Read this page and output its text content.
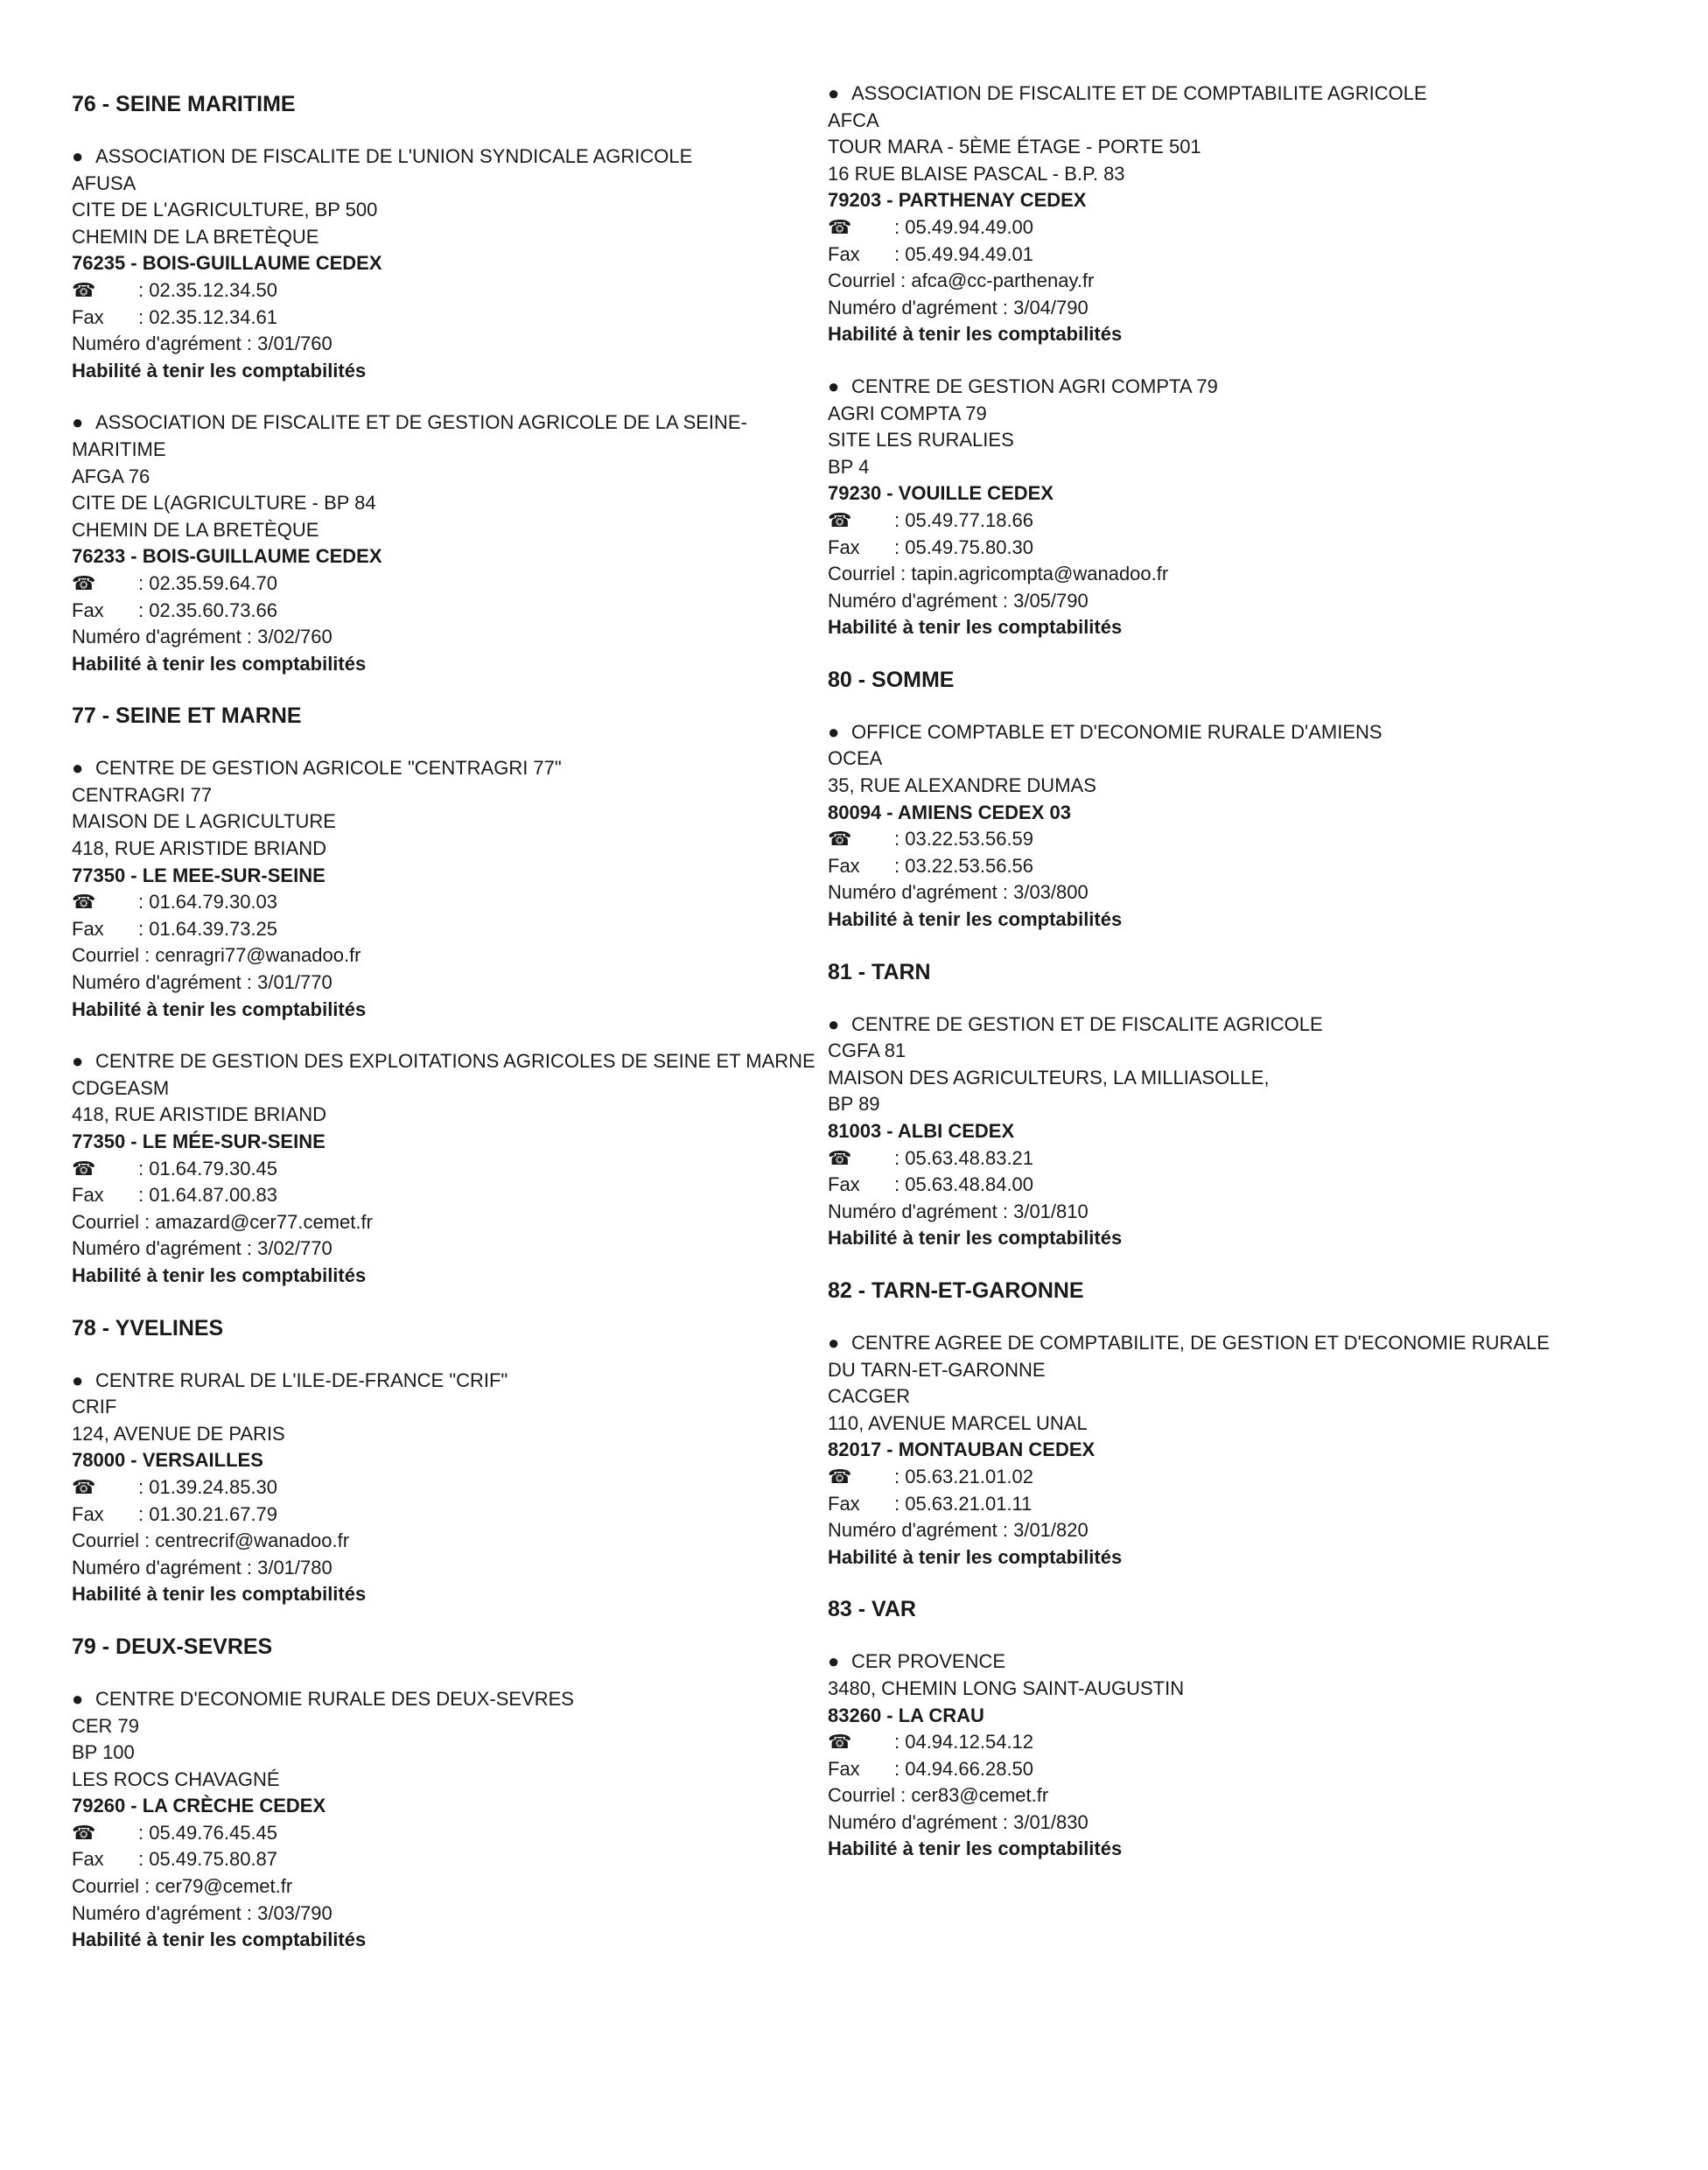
76 - SEINE MARITIME
● ASSOCIATION DE FISCALITE DE L'UNION SYNDICALE AGRICOLE
AFUSA
CITE DE L'AGRICULTURE, BP 500
CHEMIN DE LA BRETÈQUE
76235 - BOIS-GUILLAUME CEDEX
☎ : 02.35.12.34.50
Fax : 02.35.12.34.61
Numéro d'agrément : 3/01/760
Habilité à tenir les comptabilités
● ASSOCIATION DE FISCALITE ET DE GESTION AGRICOLE DE LA SEINE-MARITIME
AFGA 76
CITE DE L(AGRICULTURE - BP 84
CHEMIN DE LA BRETÈQUE
76233 - BOIS-GUILLAUME CEDEX
☎ : 02.35.59.64.70
Fax : 02.35.60.73.66
Numéro d'agrément : 3/02/760
Habilité à tenir les comptabilités
77 - SEINE ET MARNE
● CENTRE DE GESTION AGRICOLE "CENTRAGRI 77"
CENTRAGRI 77
MAISON DE L AGRICULTURE
418, RUE ARISTIDE BRIAND
77350 - LE MEE-SUR-SEINE
☎ : 01.64.79.30.03
Fax : 01.64.39.73.25
Courriel : cenragri77@wanadoo.fr
Numéro d'agrément : 3/01/770
Habilité à tenir les comptabilités
● CENTRE DE GESTION DES EXPLOITATIONS AGRICOLES DE SEINE ET MARNE
CDGEASM
418, RUE ARISTIDE BRIAND
77350 - LE MÉE-SUR-SEINE
☎ : 01.64.79.30.45
Fax : 01.64.87.00.83
Courriel : amazard@cer77.cemet.fr
Numéro d'agrément : 3/02/770
Habilité à tenir les comptabilités
78 - YVELINES
● CENTRE RURAL DE L'ILE-DE-FRANCE "CRIF"
CRIF
124, AVENUE DE PARIS
78000 - VERSAILLES
☎ : 01.39.24.85.30
Fax : 01.30.21.67.79
Courriel : centrecrif@wanadoo.fr
Numéro d'agrément : 3/01/780
Habilité à tenir les comptabilités
79 - DEUX-SEVRES
● CENTRE D'ECONOMIE RURALE DES DEUX-SEVRES
CER 79
BP 100
LES ROCS CHAVAGNÉ
79260 - LA CRÈCHE CEDEX
☎ : 05.49.76.45.45
Fax : 05.49.75.80.87
Courriel : cer79@cemet.fr
Numéro d'agrément : 3/03/790
Habilité à tenir les comptabilités
● ASSOCIATION DE FISCALITE ET DE COMPTABILITE AGRICOLE
AFCA
TOUR MARA - 5ÈME ÉTAGE - PORTE 501
16 RUE BLAISE PASCAL - B.P. 83
79203 - PARTHENAY CEDEX
☎ : 05.49.94.49.00
Fax : 05.49.94.49.01
Courriel : afca@cc-parthenay.fr
Numéro d'agrément : 3/04/790
Habilité à tenir les comptabilités
● CENTRE DE GESTION AGRI COMPTA 79
AGRI COMPTA 79
SITE LES RURALIES
BP 4
79230 - VOUILLE CEDEX
☎ : 05.49.77.18.66
Fax : 05.49.75.80.30
Courriel : tapin.agricompta@wanadoo.fr
Numéro d'agrément : 3/05/790
Habilité à tenir les comptabilités
80 - SOMME
● OFFICE COMPTABLE ET D'ECONOMIE RURALE D'AMIENS
OCEA
35, RUE ALEXANDRE DUMAS
80094 - AMIENS CEDEX 03
☎ : 03.22.53.56.59
Fax : 03.22.53.56.56
Numéro d'agrément : 3/03/800
Habilité à tenir les comptabilités
81 - TARN
● CENTRE DE GESTION ET DE FISCALITE AGRICOLE
CGFA 81
MAISON DES AGRICULTEURS, LA MILLIASOLLE,
BP 89
81003 - ALBI CEDEX
☎ : 05.63.48.83.21
Fax : 05.63.48.84.00
Numéro d'agrément : 3/01/810
Habilité à tenir les comptabilités
82 - TARN-ET-GARONNE
● CENTRE AGREE DE COMPTABILITE, DE GESTION ET D'ECONOMIE RURALE DU TARN-ET-GARONNE
CACGER
110, AVENUE MARCEL UNAL
82017 - MONTAUBAN CEDEX
☎ : 05.63.21.01.02
Fax : 05.63.21.01.11
Numéro d'agrément : 3/01/820
Habilité à tenir les comptabilités
83 - VAR
● CER PROVENCE
3480, CHEMIN LONG SAINT-AUGUSTIN
83260 - LA CRAU
☎ : 04.94.12.54.12
Fax : 04.94.66.28.50
Courriel : cer83@cemet.fr
Numéro d'agrément : 3/01/830
Habilité à tenir les comptabilités
